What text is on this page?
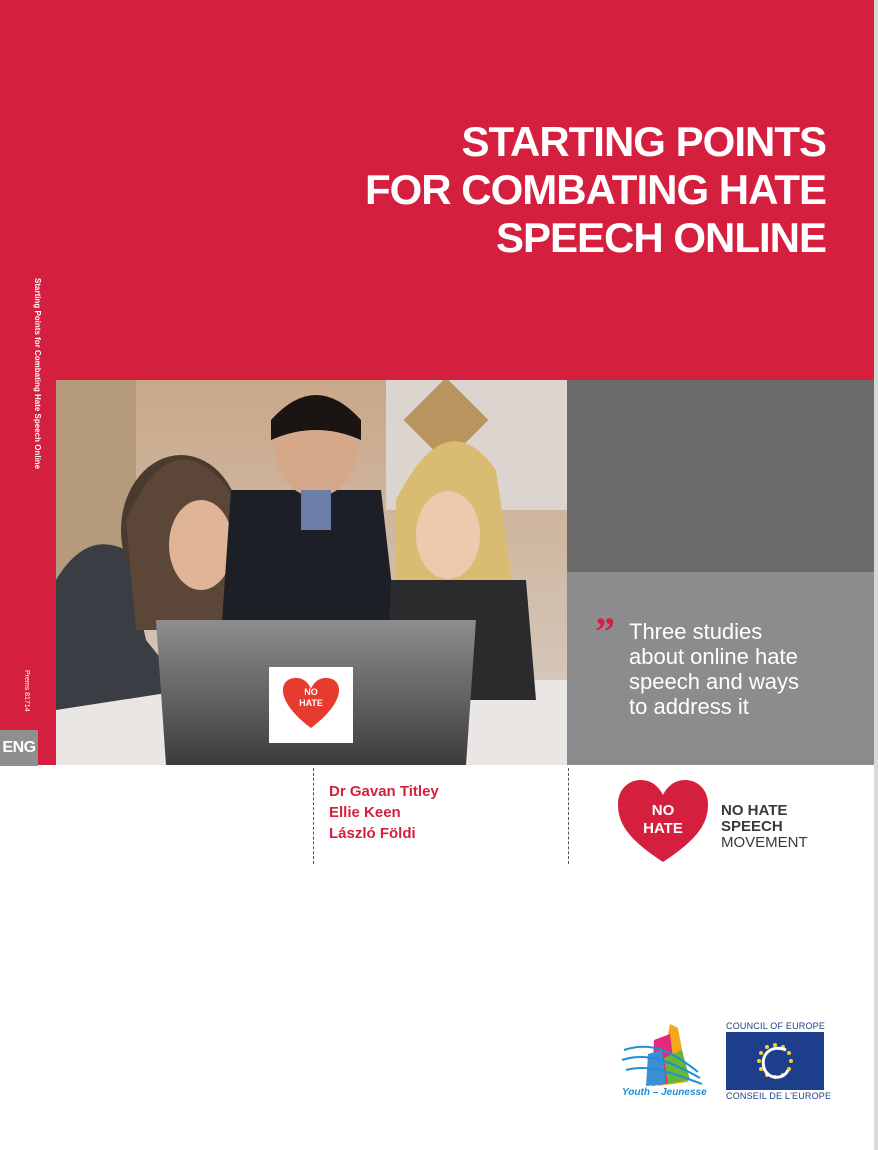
Starting Points for Combating Hate Speech Online
Prems 81714
ENG
STARTING POINTS
FOR COMBATING HATE
SPEECH ONLINE
NO
HATE
” Three studies
about online hate
speech and ways
to address it
Dr Gavan Titley
Ellie Keen
László Földi
NO
HATE
NO HATE
SPEECH
MOVEMENT
Youth – Jeunesse
COUNCIL OF EUROPE
CONSEIL DE L'EUROPE
